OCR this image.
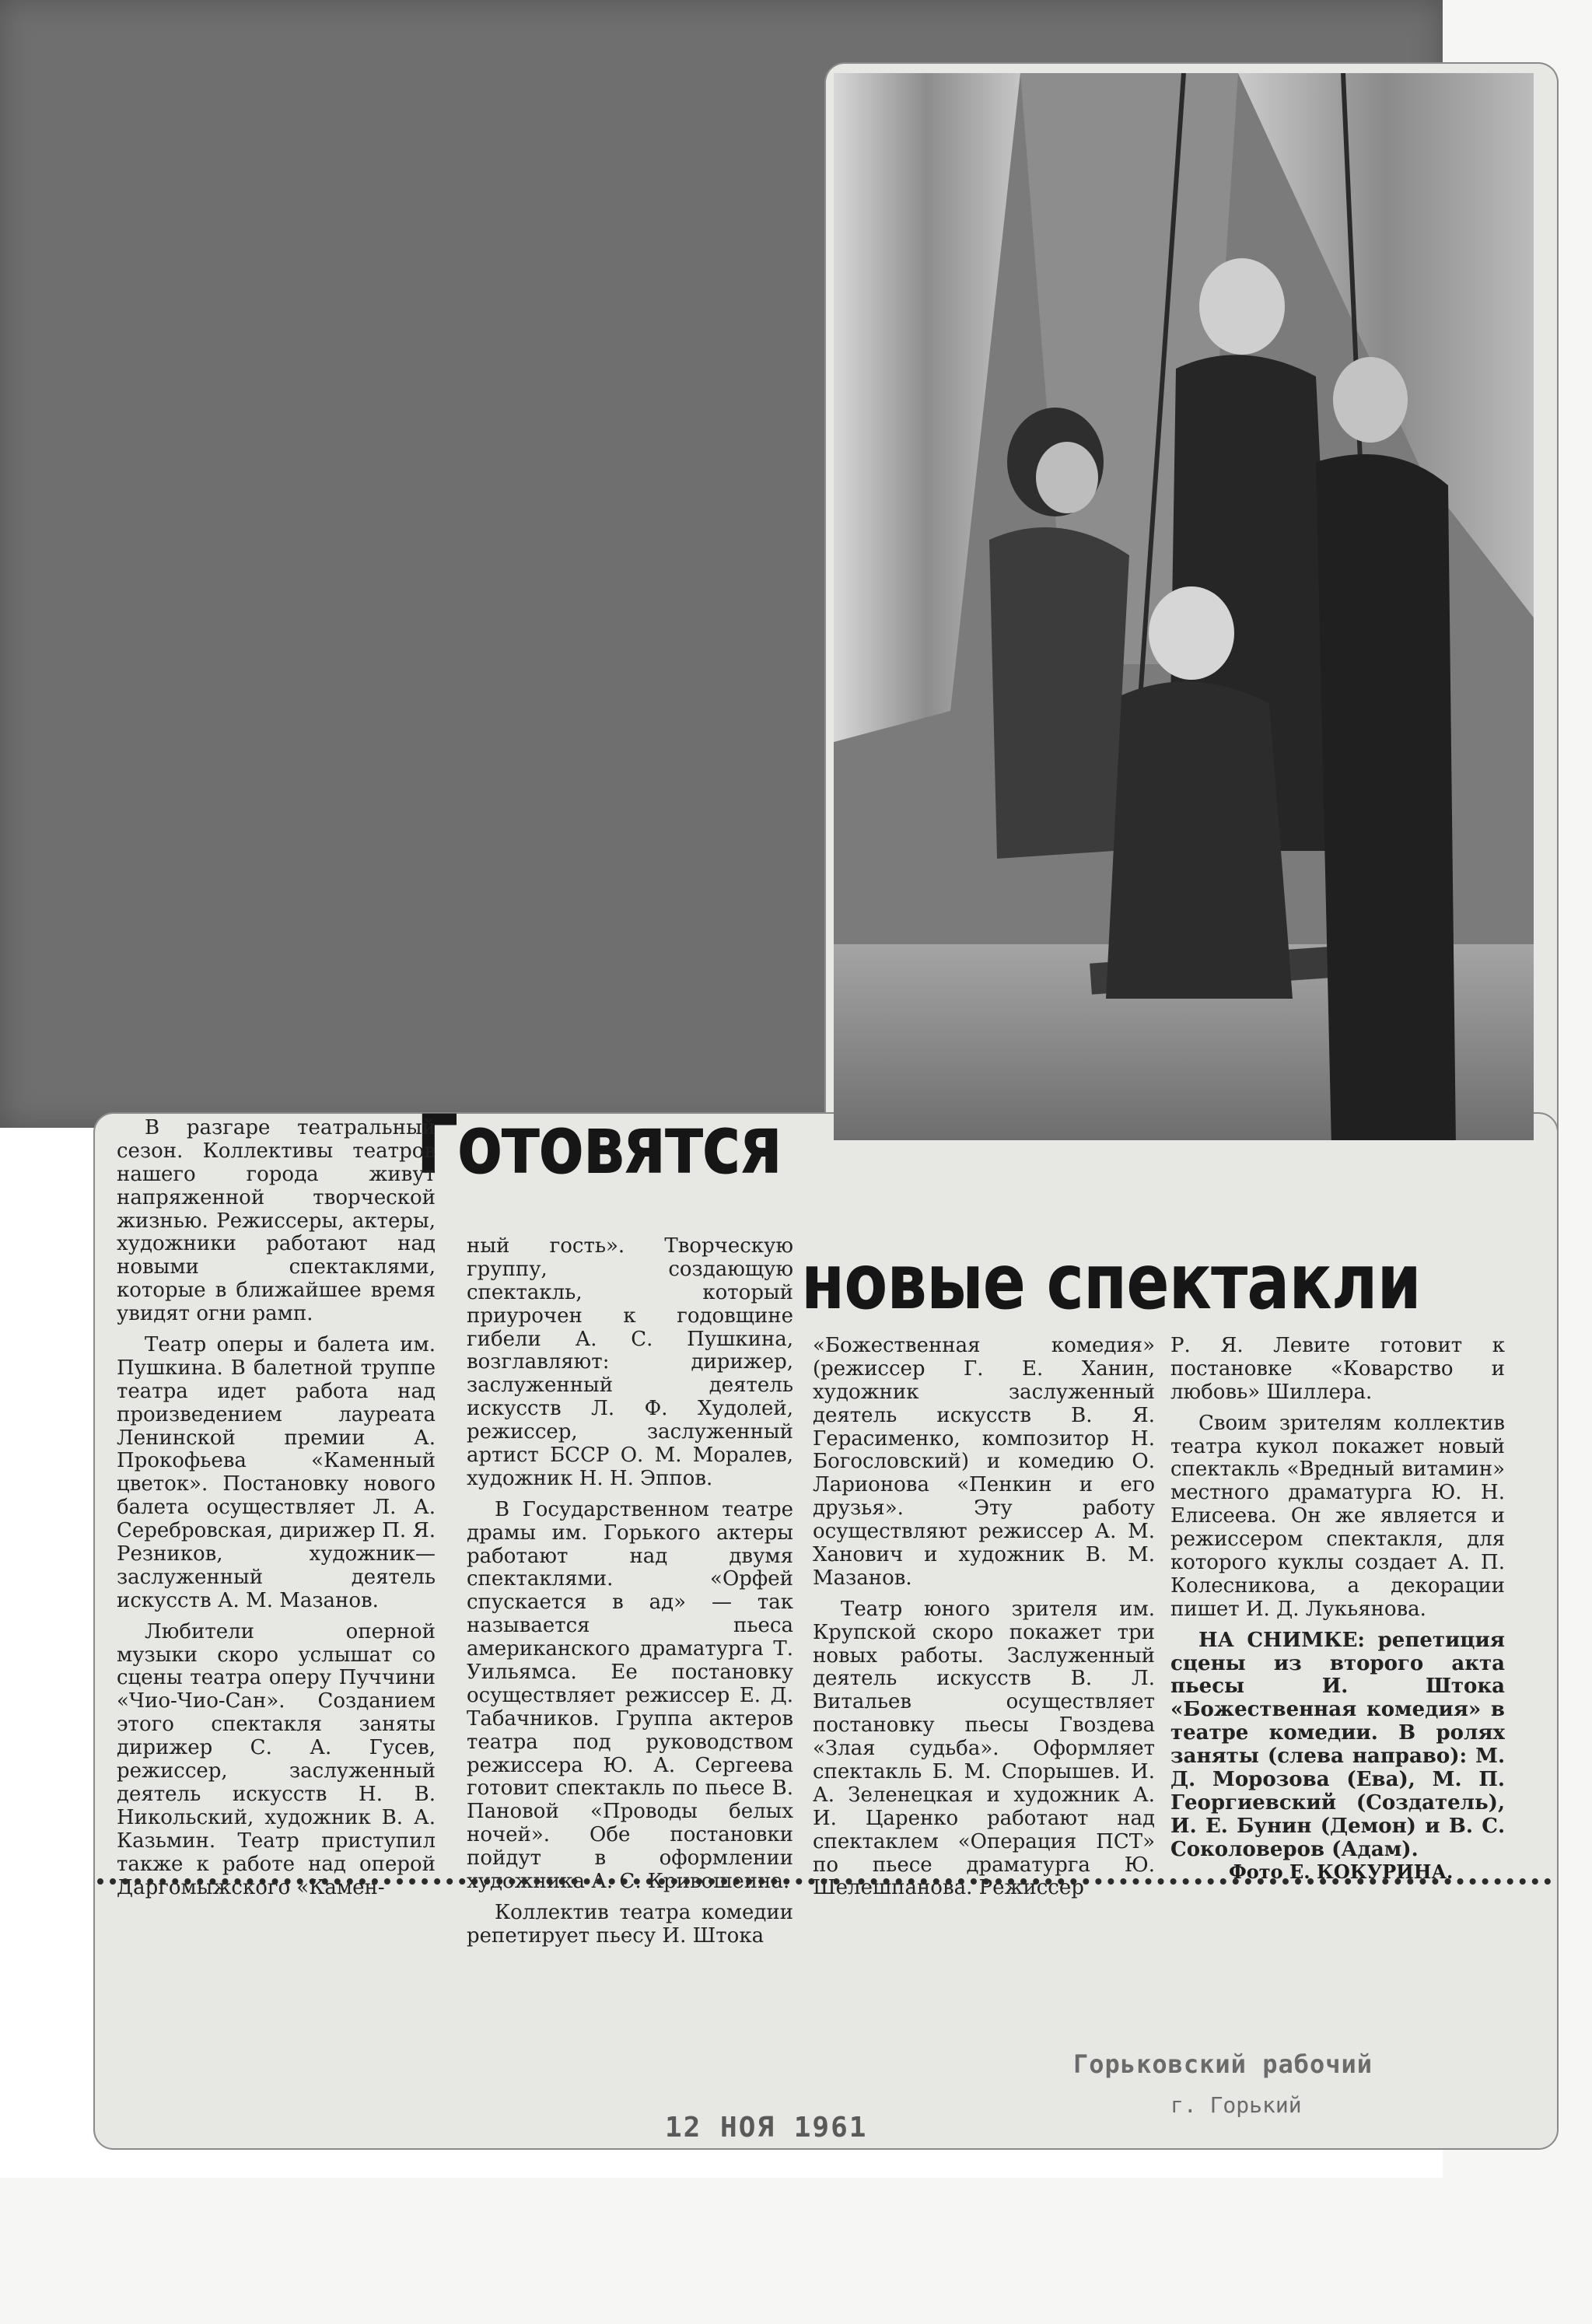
Готовятся
новые спектакли

В разгаре театральный сезон. Коллективы театров нашего города живут напряженной творческой жизнью. Режиссеры, актеры, художники работают над новыми спектаклями, которые в ближайшее время увидят огни рамп.

Театр оперы и балета им. Пушкина. В балетной труппе театра идет работа над произведением лауреата Ленинской премии А. Прокофьева «Каменный цветок». Постановку нового балета осуществляет Л. А. Серебровская, дирижер П. Я. Резников, художник—заслуженный деятель искусств А. М. Мазанов.

Любители оперной музыки скоро услышат со сцены театра оперу Пуччини «Чио-Чио-Сан». Созданием этого спектакля заняты дирижер С. А. Гусев, режиссер, заслуженный деятель искусств Н. В. Никольский, художник В. А. Казьмин. Театр приступил также к работе над оперой Даргомыжского «Камен-

ный гость». Творческую группу, создающую спектакль, который приурочен к годовщине гибели А. С. Пушкина, возглавляют: дирижер, заслуженный деятель искусств Л. Ф. Худолей, режиссер, заслуженный артист БССР О. М. Моралев, художник Н. Н. Эппов.

В Государственном театре драмы им. Горького актеры работают над двумя спектаклями. «Орфей спускается в ад» — так называется пьеса американского драматурга Т. Уильямса. Ее постановку осуществляет режиссер Е. Д. Табачников. Группа актеров театра под руководством режиссера Ю. А. Сергеева готовит спектакль по пьесе В. Пановой «Проводы белых ночей». Обе постановки пойдут в оформлении художника А. С. Кривошеина.

Коллектив театра комедии репетирует пьесу И. Штока

«Божественная комедия» (режиссер Г. Е. Ханин, художник заслуженный деятель искусств В. Я. Герасименко, композитор Н. Богословский) и комедию О. Ларионова «Пенкин и его друзья». Эту работу осуществляют режиссер А. М. Ханович и художник В. М. Мазанов.

Театр юного зрителя им. Крупской скоро покажет три новых работы. Заслуженный деятель искусств В. Л. Витальев осуществляет постановку пьесы Гвоздева «Злая судьба». Оформляет спектакль Б. М. Спорышев. И. А. Зеленецкая и художник А. И. Царенко работают над спектаклем «Операция ПСТ» по пьесе драматурга Ю. Шелешпанова. Режиссер

Р. Я. Левите готовит к постановке «Коварство и любовь» Шиллера.

Своим зрителям коллектив театра кукол покажет новый спектакль «Вредный витамин» местного драматурга Ю. Н. Елисеева. Он же является и режиссером спектакля, для которого куклы создает А. П. Колесникова, а декорации пишет И. Д. Лукьянова.

НА СНИМКЕ: репетиция сцены из второго акта пьесы И. Штока «Божественная комедия» в театре комедии. В ролях заняты (слева направо): М. Д. Морозова (Ева), М. П. Георгиевский (Создатель), И. Е. Бунин (Демон) и В. С. Соколоверов (Адам).

Фото Е. КОКУРИНА.
Горьковский рабочий
г. Горький
12 НОЯ 1961
